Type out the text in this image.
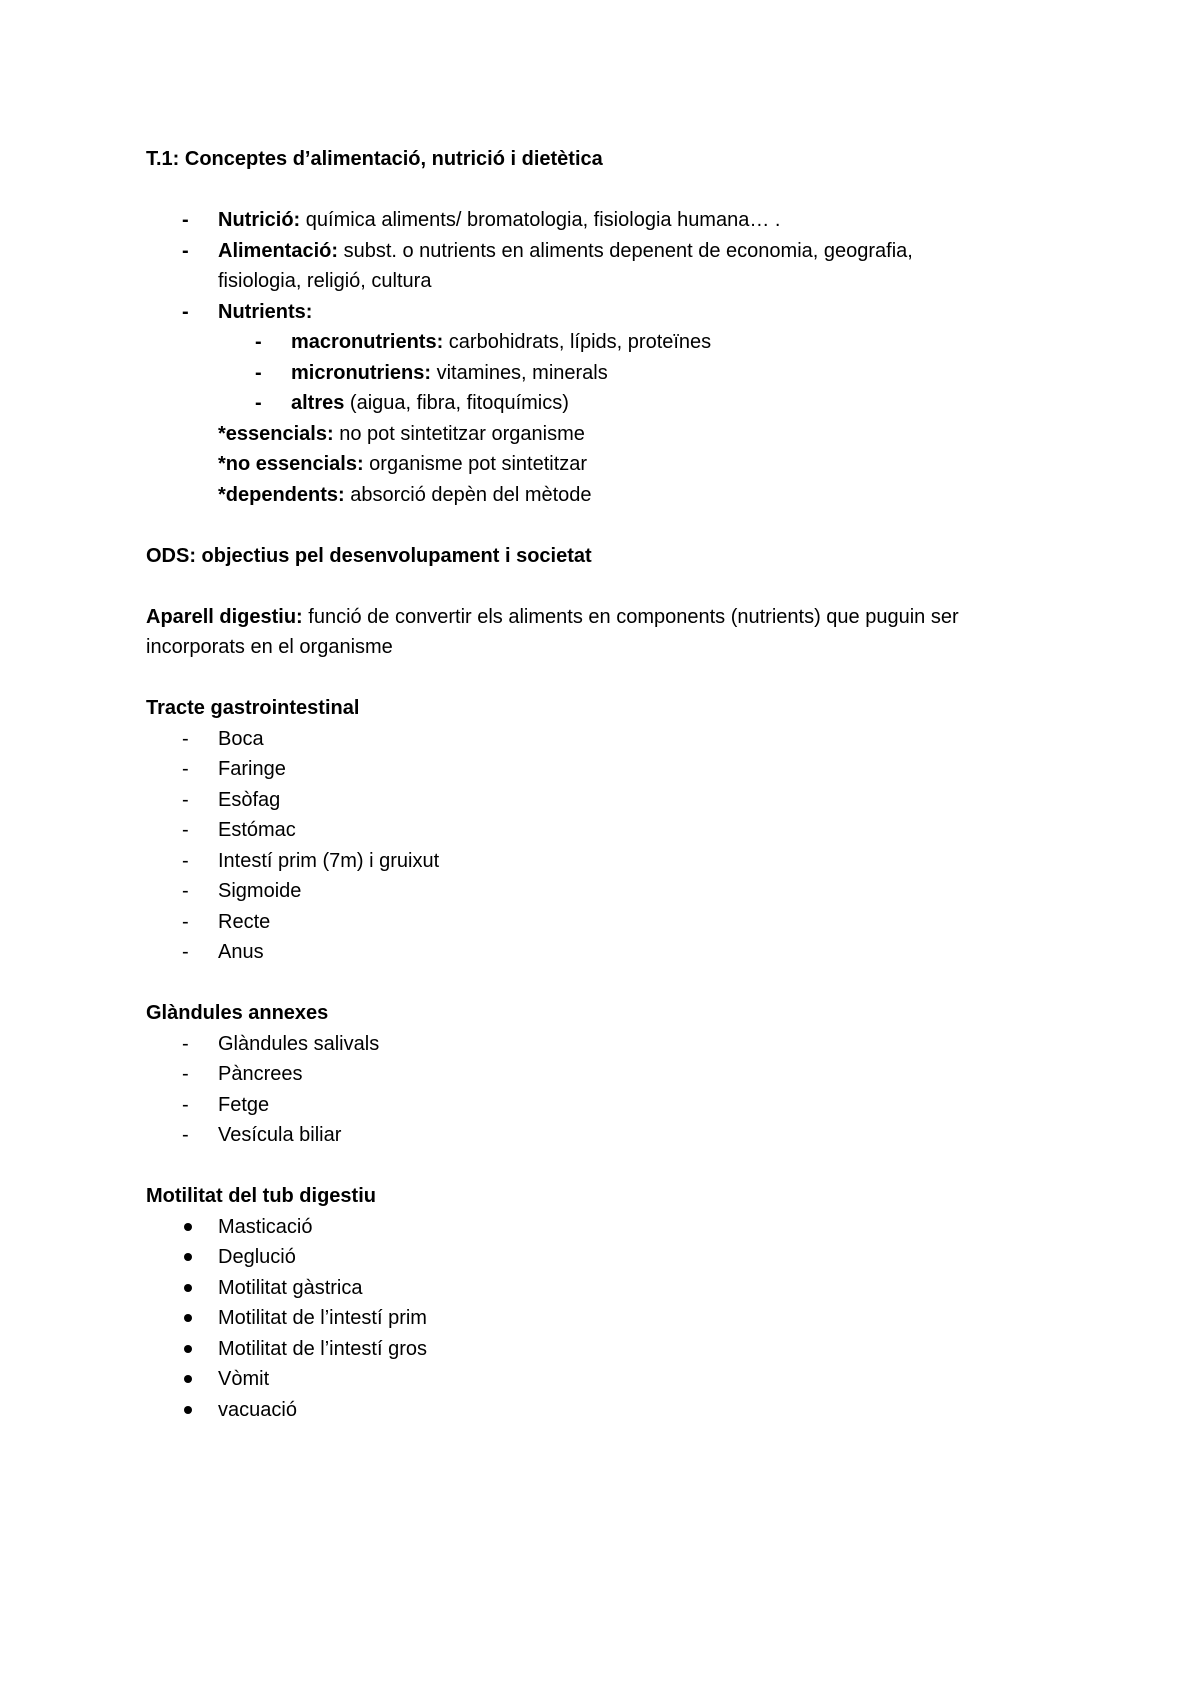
T.1: Conceptes d’alimentació, nutrició i dietètica
-	Nutrició: química aliments/ bromatologia, fisiologia humana… .
-	Alimentació: subst. o nutrients en aliments depenent de economia, geografia,
fisiologia, religió, cultura
-	Nutrients:
-	macronutrients: carbohidrats, lípids, proteïnes
-	micronutriens: vitamines, minerals
-	altres (aigua, fibra, fitoquímics)
*essencials: no pot sintetitzar organisme
*no essencials: organisme pot sintetitzar
*dependents: absorció depèn del mètode
ODS: objectius pel desenvolupament i societat
Aparell digestiu: funció de convertir els aliments en components (nutrients) que puguin ser
incorporats en el organisme
Tracte gastrointestinal
-	Boca
-	Faringe
-	Esòfag
-	Estómac
-	Intestí prim (7m) i gruixut
-	Sigmoide
-	Recte
-	Anus
Glàndules annexes
-	Glàndules salivals
-	Pàncrees
-	Fetge
-	Vesícula biliar
Motilitat del tub digestiu
Masticació
Deglució
Motilitat gàstrica
Motilitat de l’intestí prim
Motilitat de l’intestí gros
Vòmit
vacuació
